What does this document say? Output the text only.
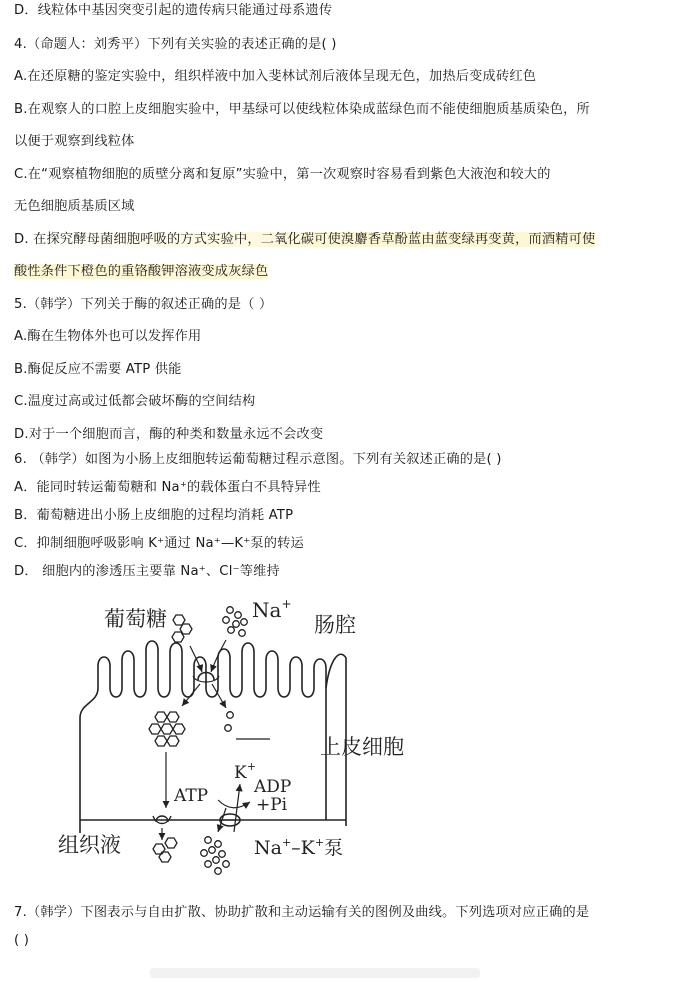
D．线粒体中基因突变引起的遗传病只能通过母系遗传
4.（命题人：刘秀平）下列有关实验的表述正确的是( )
A.在还原糖的鉴定实验中，组织样液中加入斐林试剂后液体呈现无色，加热后变成砖红色
B.在观察人的口腔上皮细胞实验中，甲基绿可以使线粒体染成蓝绿色而不能使细胞质基质染色，所
以便于观察到线粒体
C.在“观察植物细胞的质壁分离和复原”实验中，第一次观察时容易看到紫色大液泡和较大的
无色细胞质基质区域
D. 在探究酵母菌细胞呼吸的方式实验中，二氧化碳可使溴麝香草酚蓝由蓝变绿再变黄，而酒精可使
酸性条件下橙色的重铬酸钾溶液变成灰绿色
5.（韩学）下列关于酶的叙述正确的是（ ）
A.酶在生物体外也可以发挥作用
B.酶促反应不需要 ATP 供能
C.温度过高或过低都会破坏酶的空间结构
D.对于一个细胞而言，酶的种类和数量永远不会改变
6. （韩学）如图为小肠上皮细胞转运葡萄糖过程示意图。下列有关叙述正确的是( )
A．能同时转运葡萄糖和 Na⁺的载体蛋白不具特异性
B．葡萄糖进出小肠上皮细胞的过程均消耗 ATP
C．抑制细胞呼吸影响 K⁺通过 Na⁺—K⁺泵的转运
D． 细胞内的渗透压主要靠 Na⁺、Cl⁻等维持
7.（韩学）下图表示与自由扩散、协助扩散和主动运输有关的图例及曲线。下列选项对应正确的是
( )
葡萄糖	Na+
肠腔
上皮细胞
K+
ATP	ADP
+Pi
组织液	Na+–K+泵
